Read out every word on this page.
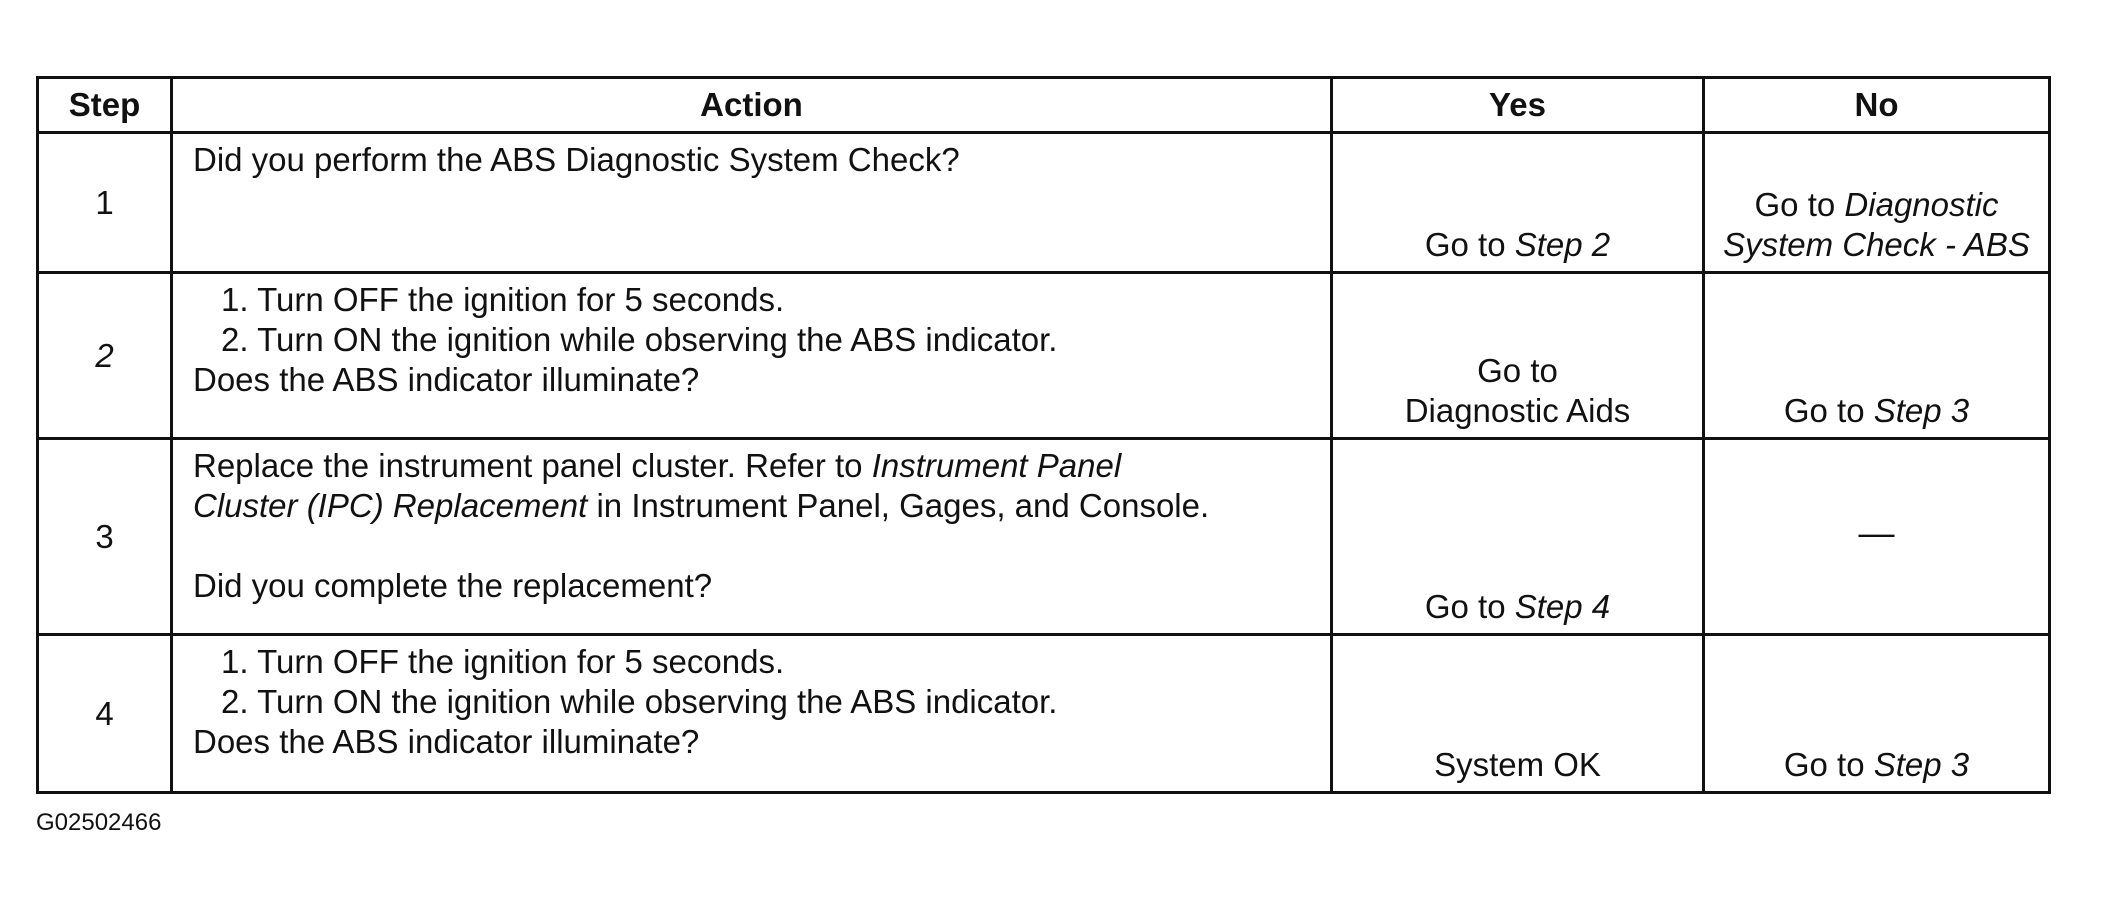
Step	Action	Yes	No
1	Did you perform the ABS Diagnostic System Check?	Go to Step 2	Go to Diagnostic
System Check - ABS
2	1. Turn OFF the ignition for 5 seconds.
2. Turn ON the ignition while observing the ABS indicator.
Does the ABS indicator illuminate?	Go to
Diagnostic Aids	Go to Step 3
3	Replace the instrument panel cluster. Refer to Instrument Panel
Cluster (IPC) Replacement in Instrument Panel, Gages, and Console.
Did you complete the replacement?	Go to Step 4	—
4	1. Turn OFF the ignition for 5 seconds.
2. Turn ON the ignition while observing the ABS indicator.
Does the ABS indicator illuminate?	System OK	Go to Step 3
G02502466
